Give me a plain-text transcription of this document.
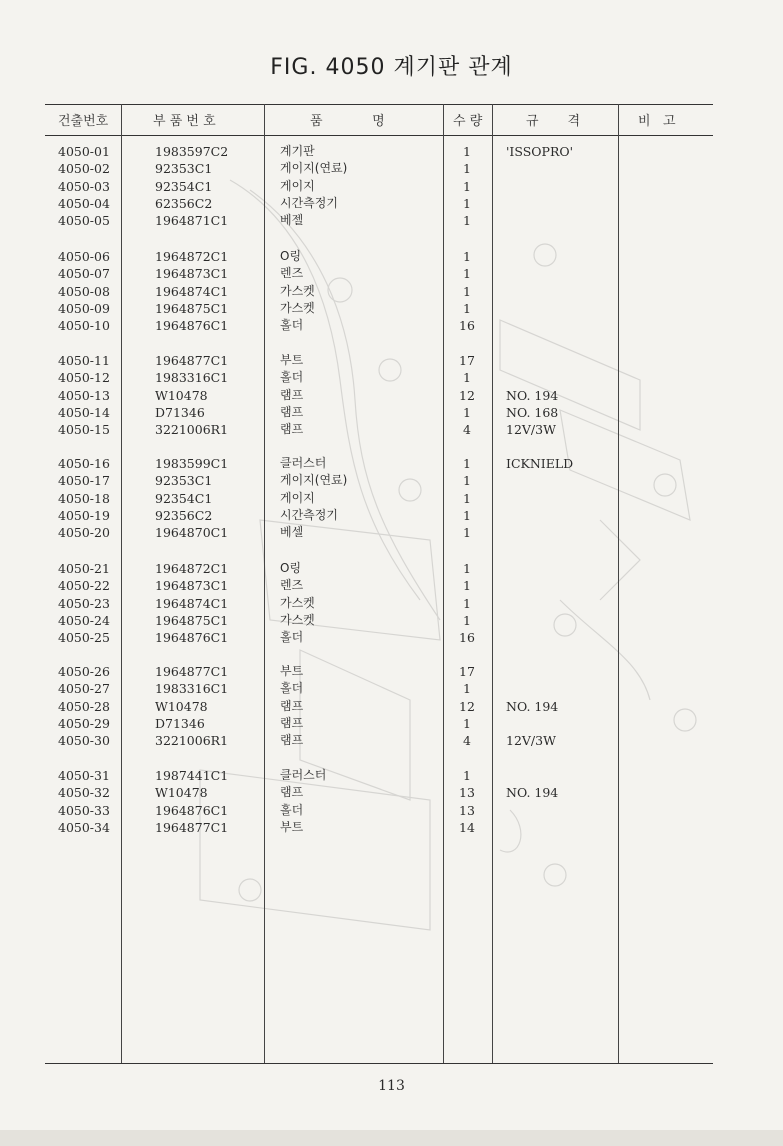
FIG. 4050 계기판 관계
건출번호	부 품 번 호	품            명	수 량	규       격	비   고
4050-01	1983597C2	계기판	1	'ISSOPRO'
4050-02	92353C1	게이지(연료)	1
4050-03	92354C1	게이지	1
4050-04	62356C2	시간측정기	1
4050-05	1964871C1	베젤	1
4050-06	1964872C1	O링	1
4050-07	1964873C1	렌즈	1
4050-08	1964874C1	가스켓	1
4050-09	1964875C1	가스켓	1
4050-10	1964876C1	홀더	16
4050-11	1964877C1	부트	17
4050-12	1983316C1	홀더	1
4050-13	W10478	램프	12	NO. 194
4050-14	D71346	램프	1	NO. 168
4050-15	3221006R1	램프	4	12V/3W
4050-16	1983599C1	클러스터	1	ICKNIELD
4050-17	92353C1	게이지(연료)	1
4050-18	92354C1	게이지	1
4050-19	92356C2	시간측정기	1
4050-20	1964870C1	베셀	1
4050-21	1964872C1	O링	1
4050-22	1964873C1	렌즈	1
4050-23	1964874C1	가스켓	1
4050-24	1964875C1	가스켓	1
4050-25	1964876C1	홀더	16
4050-26	1964877C1	부트	17
4050-27	1983316C1	홀더	1
4050-28	W10478	램프	12	NO. 194
4050-29	D71346	램프	1
4050-30	3221006R1	램프	4	12V/3W
4050-31	1987441C1	클러스터	1
4050-32	W10478	램프	13	NO. 194
4050-33	1964876C1	홀더	13
4050-34	1964877C1	부트	14
113
